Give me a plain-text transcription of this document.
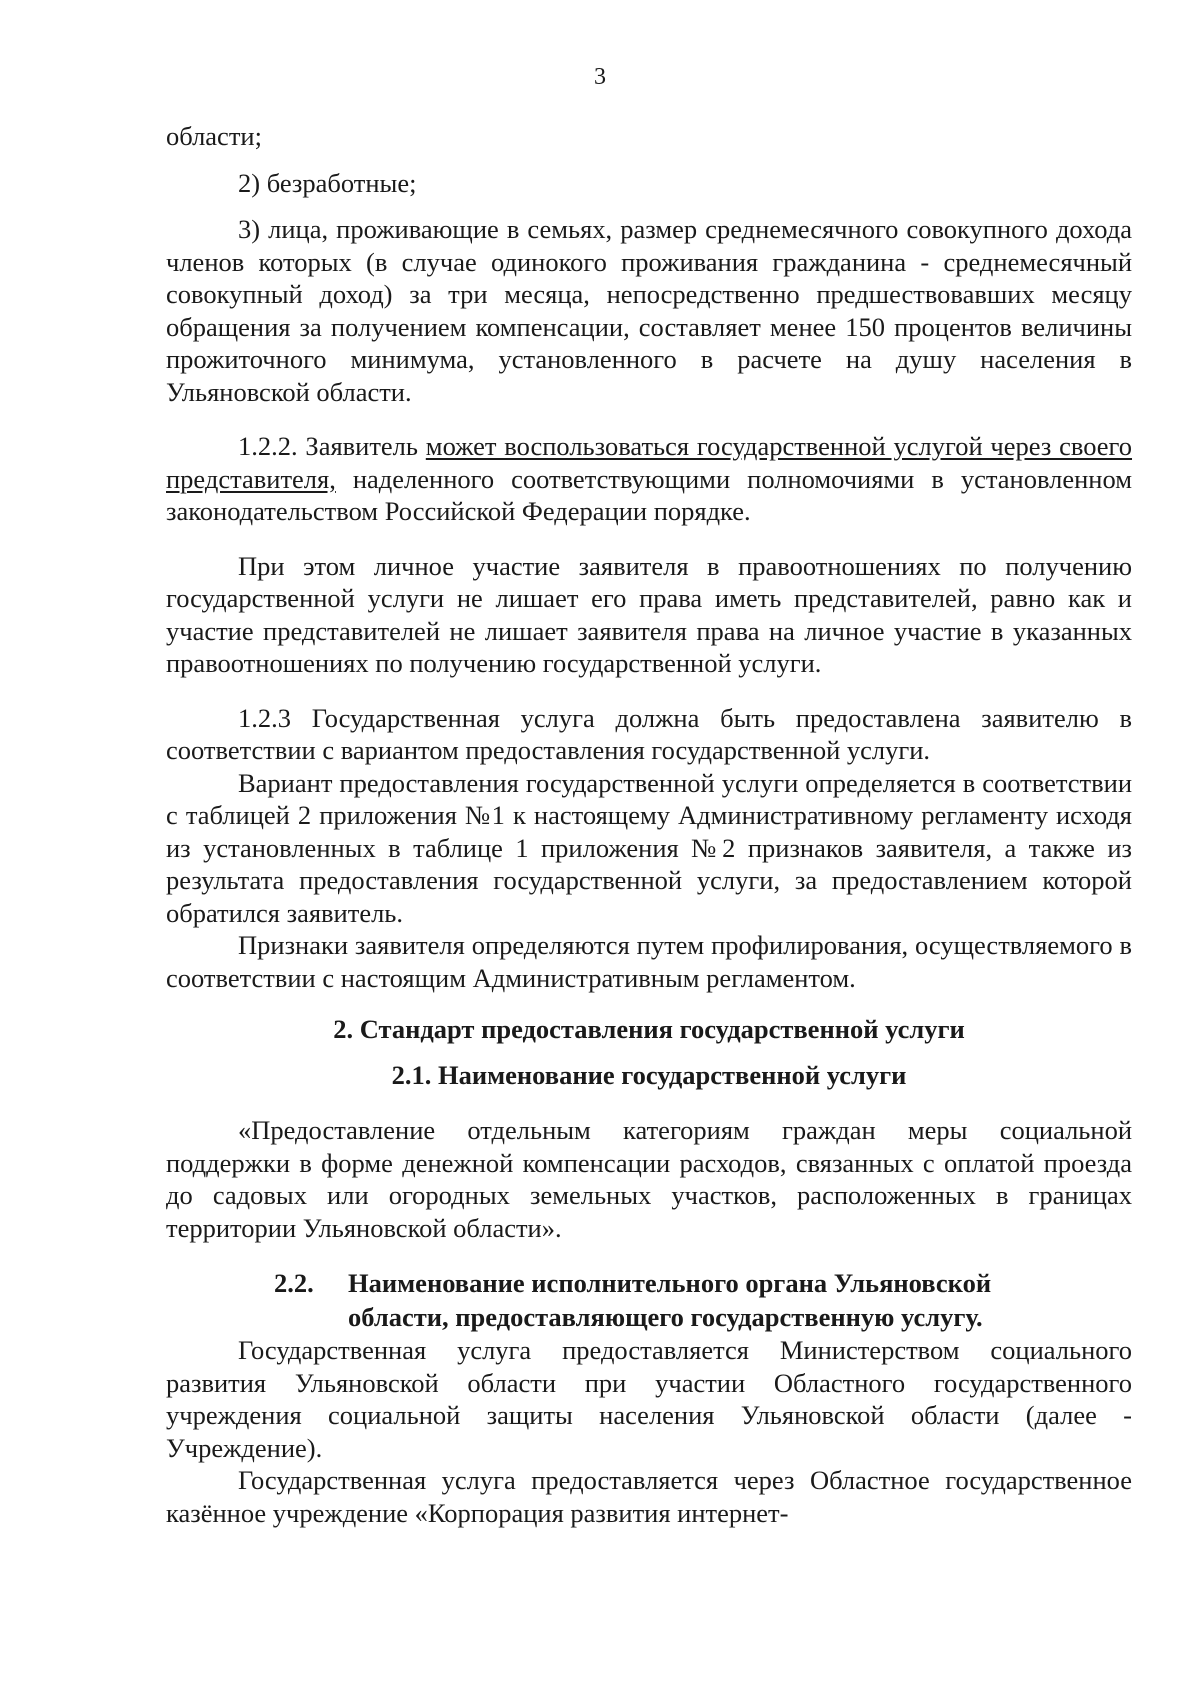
3

области;

2) безработные;

3) лица, проживающие в семьях, размер среднемесячного совокупного дохода членов которых (в случае одинокого проживания гражданина - среднемесячный совокупный доход) за три месяца, непосредственно предшествовавших месяцу обращения за получением компенсации, составляет менее 150 процентов величины прожиточного минимума, установленного в расчете на душу населения в Ульяновской области.

1.2.2. Заявитель может воспользоваться государственной услугой через своего представителя, наделенного соответствующими полномочиями в установленном законодательством Российской Федерации порядке.

При этом личное участие заявителя в правоотношениях по получению государственной услуги не лишает его права иметь представителей, равно как и участие представителей не лишает заявителя права на личное участие в указанных правоотношениях по получению государственной услуги.

1.2.3 Государственная услуга должна быть предоставлена заявителю в соответствии с вариантом предоставления государственной услуги.

Вариант предоставления государственной услуги определяется в соответствии с таблицей 2 приложения №1 к настоящему Административному регламенту исходя из установленных в таблице 1 приложения №2 признаков заявителя, а также из результата предоставления государственной услуги, за предоставлением которой обратился заявитель.

Признаки заявителя определяются путем профилирования, осуществляемого в соответствии с настоящим Административным регламентом.

2. Стандарт предоставления государственной услуги
2.1. Наименование государственной услуги

«Предоставление отдельным категориям граждан меры социальной поддержки в форме денежной компенсации расходов, связанных с оплатой проезда до садовых или огородных земельных участков, расположенных в границах территории Ульяновской области».

2.2.	Наименование исполнительного органа Ульяновской области, предоставляющего государственную услугу.

Государственная услуга предоставляется Министерством социального развития Ульяновской области при участии Областного государственного учреждения социальной защиты населения Ульяновской области (далее - Учреждение).

Государственная услуга предоставляется через Областное государственное казённое учреждение «Корпорация развития интернет-
